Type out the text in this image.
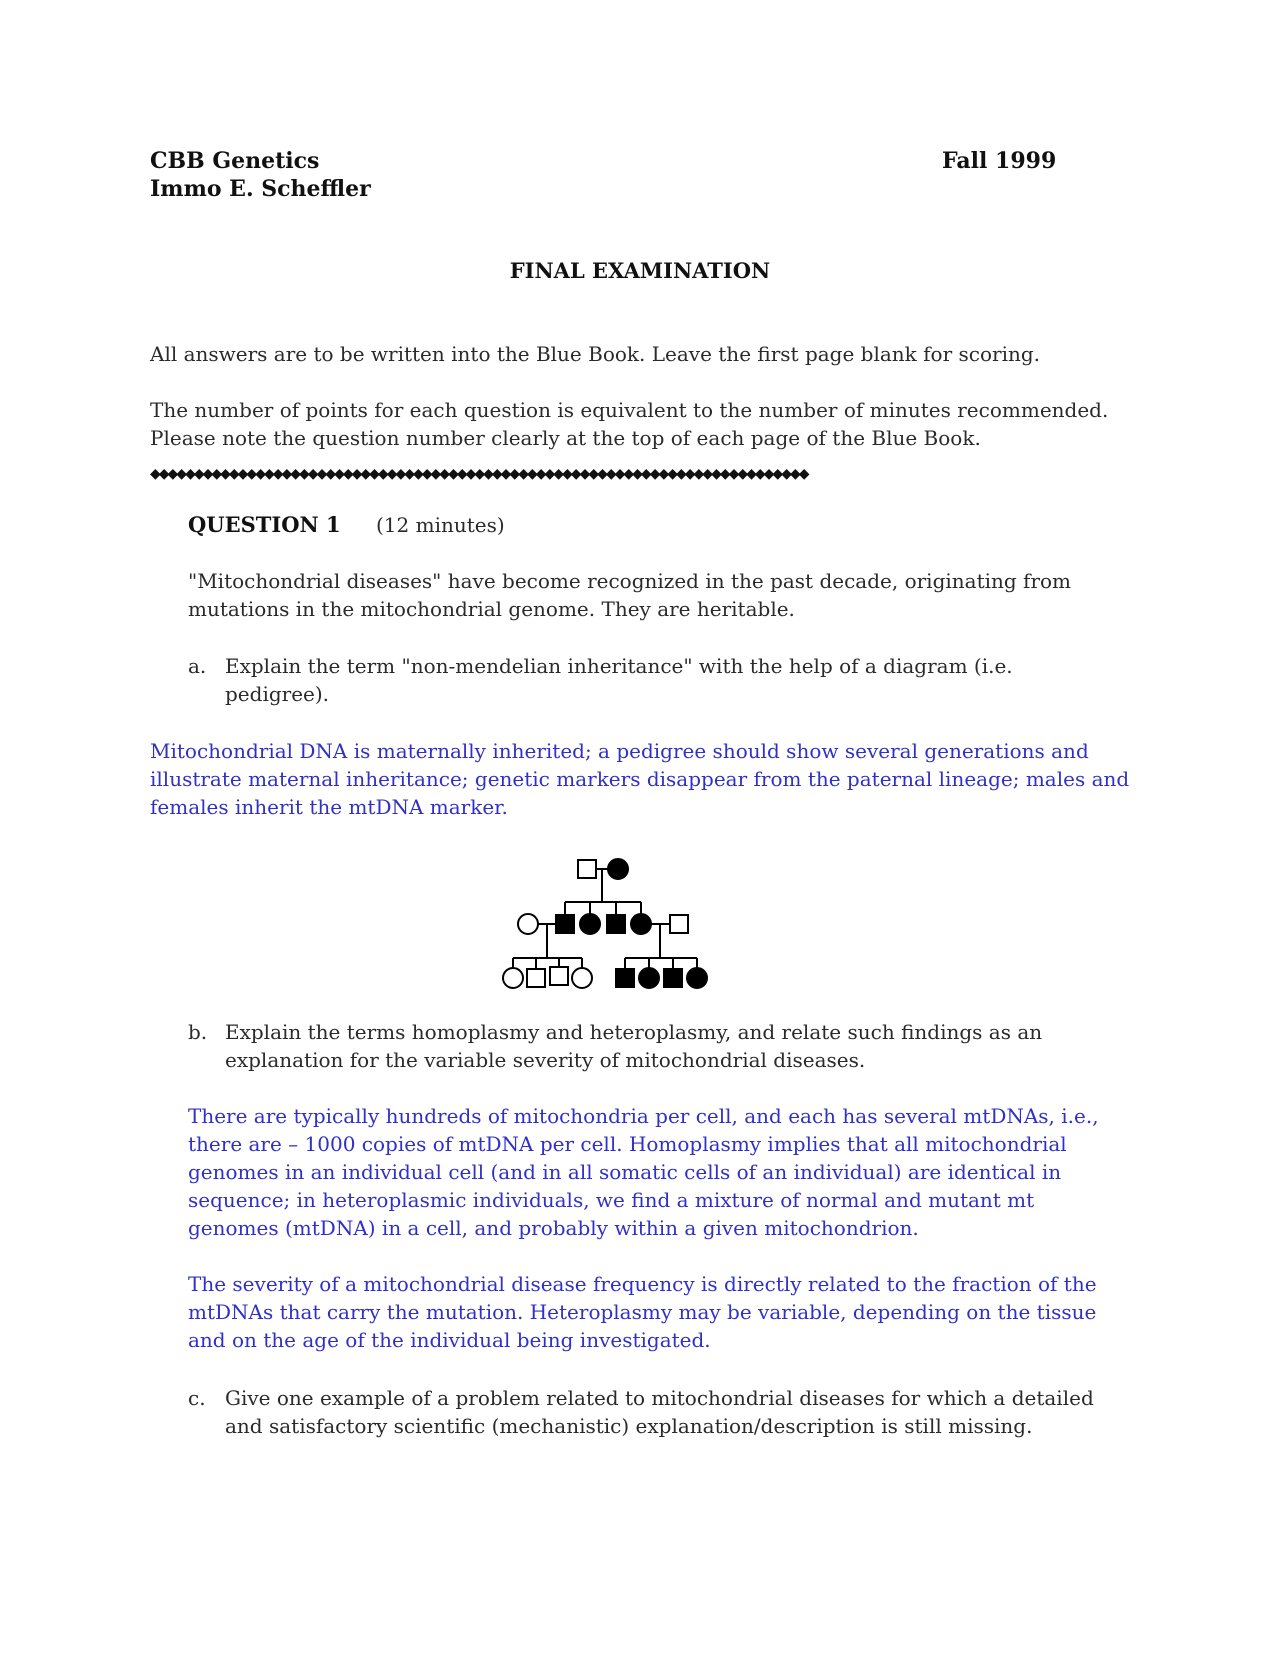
CBB Genetics
Immo E. Scheffler
Fall 1999
FINAL EXAMINATION
All answers are to be written into the Blue Book. Leave the first page blank for scoring.
The number of points for each question is equivalent to the number of minutes recommended.
Please note the question number clearly at the top of each page of the Blue Book.
◆◆◆◆◆◆◆◆◆◆◆◆◆◆◆◆◆◆◆◆◆◆◆◆◆◆◆◆◆◆◆◆◆◆◆◆◆◆◆◆◆◆◆◆◆◆◆◆◆◆◆◆◆◆◆◆◆◆◆◆◆◆◆◆◆◆◆◆◆◆◆◆◆◆◆
QUESTION 1 (12 minutes)
"Mitochondrial diseases" have become recognized in the past decade, originating from
mutations in the mitochondrial genome. They are heritable.
a. Explain the term "non-mendelian inheritance" with the help of a diagram (i.e.
pedigree).
Mitochondrial DNA is maternally inherited; a pedigree should show several generations and
illustrate maternal inheritance; genetic markers disappear from the paternal lineage; males and
females inherit the mtDNA marker.
b. Explain the terms homoplasmy and heteroplasmy, and relate such findings as an
explanation for the variable severity of mitochondrial diseases.
There are typically hundreds of mitochondria per cell, and each has several mtDNAs, i.e.,
there are – 1000 copies of mtDNA per cell. Homoplasmy implies that all mitochondrial
genomes in an individual cell (and in all somatic cells of an individual) are identical in
sequence; in heteroplasmic individuals, we find a mixture of normal and mutant mt
genomes (mtDNA) in a cell, and probably within a given mitochondrion.
The severity of a mitochondrial disease frequency is directly related to the fraction of the
mtDNAs that carry the mutation. Heteroplasmy may be variable, depending on the tissue
and on the age of the individual being investigated.
c. Give one example of a problem related to mitochondrial diseases for which a detailed
and satisfactory scientific (mechanistic) explanation/description is still missing.
